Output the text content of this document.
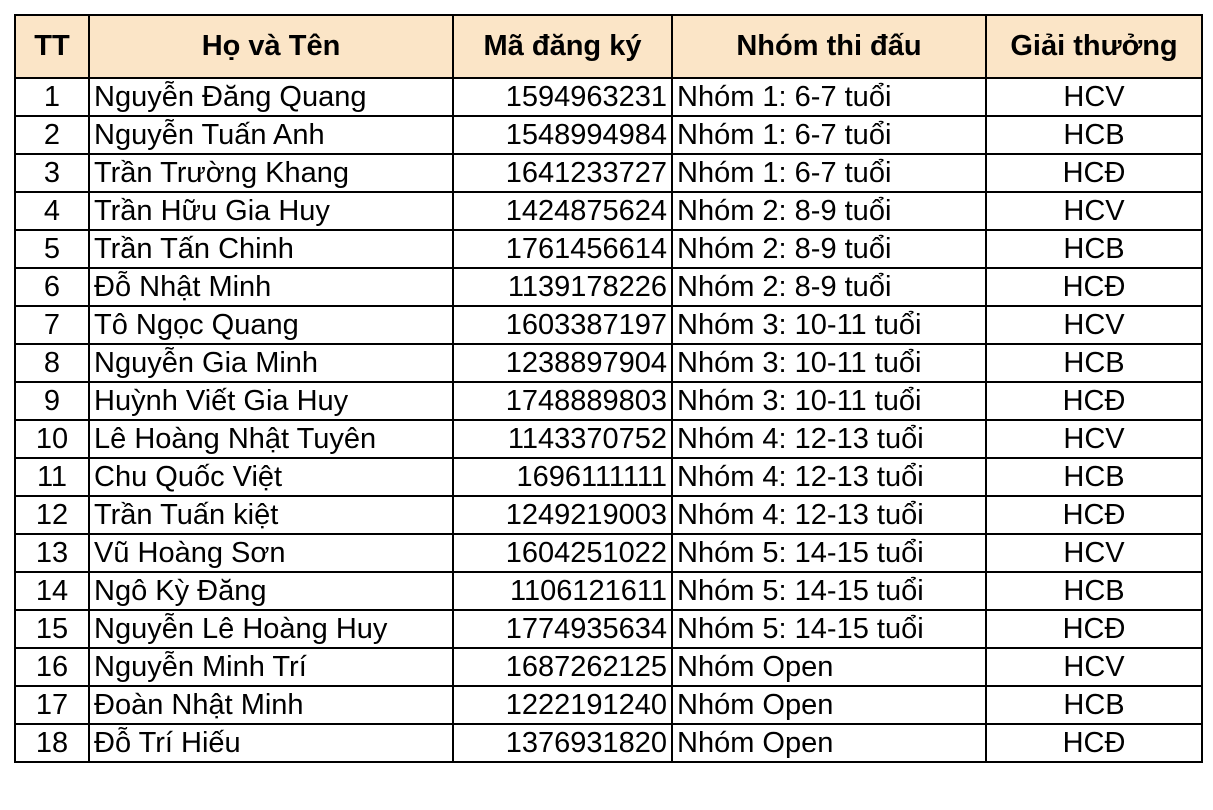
TT	Họ và Tên	Mã đăng ký	Nhóm thi đấu	Giải thưởng
1	Nguyễn Đăng Quang	1594963231	Nhóm 1: 6-7 tuổi	HCV
2	Nguyễn Tuấn Anh	1548994984	Nhóm 1: 6-7 tuổi	HCB
3	Trần Trường Khang	1641233727	Nhóm 1: 6-7 tuổi	HCĐ
4	Trần Hữu Gia Huy	1424875624	Nhóm 2: 8-9 tuổi	HCV
5	Trần Tấn Chinh	1761456614	Nhóm 2: 8-9 tuổi	HCB
6	Đỗ Nhật Minh	1139178226	Nhóm 2: 8-9 tuổi	HCĐ
7	Tô Ngọc Quang	1603387197	Nhóm 3: 10-11 tuổi	HCV
8	Nguyễn Gia Minh	1238897904	Nhóm 3: 10-11 tuổi	HCB
9	Huỳnh Viết Gia Huy	1748889803	Nhóm 3: 10-11 tuổi	HCĐ
10	Lê Hoàng Nhật Tuyên	1143370752	Nhóm 4: 12-13 tuổi	HCV
11	Chu Quốc Việt	1696111111	Nhóm 4: 12-13 tuổi	HCB
12	Trần Tuấn kiệt	1249219003	Nhóm 4: 12-13 tuổi	HCĐ
13	Vũ Hoàng Sơn	1604251022	Nhóm 5: 14-15 tuổi	HCV
14	Ngô Kỳ Đăng	1106121611	Nhóm 5: 14-15 tuổi	HCB
15	Nguyễn Lê Hoàng Huy	1774935634	Nhóm 5: 14-15 tuổi	HCĐ
16	Nguyễn Minh Trí	1687262125	Nhóm Open	HCV
17	Đoàn Nhật Minh	1222191240	Nhóm Open	HCB
18	Đỗ Trí Hiếu	1376931820	Nhóm Open	HCĐ
